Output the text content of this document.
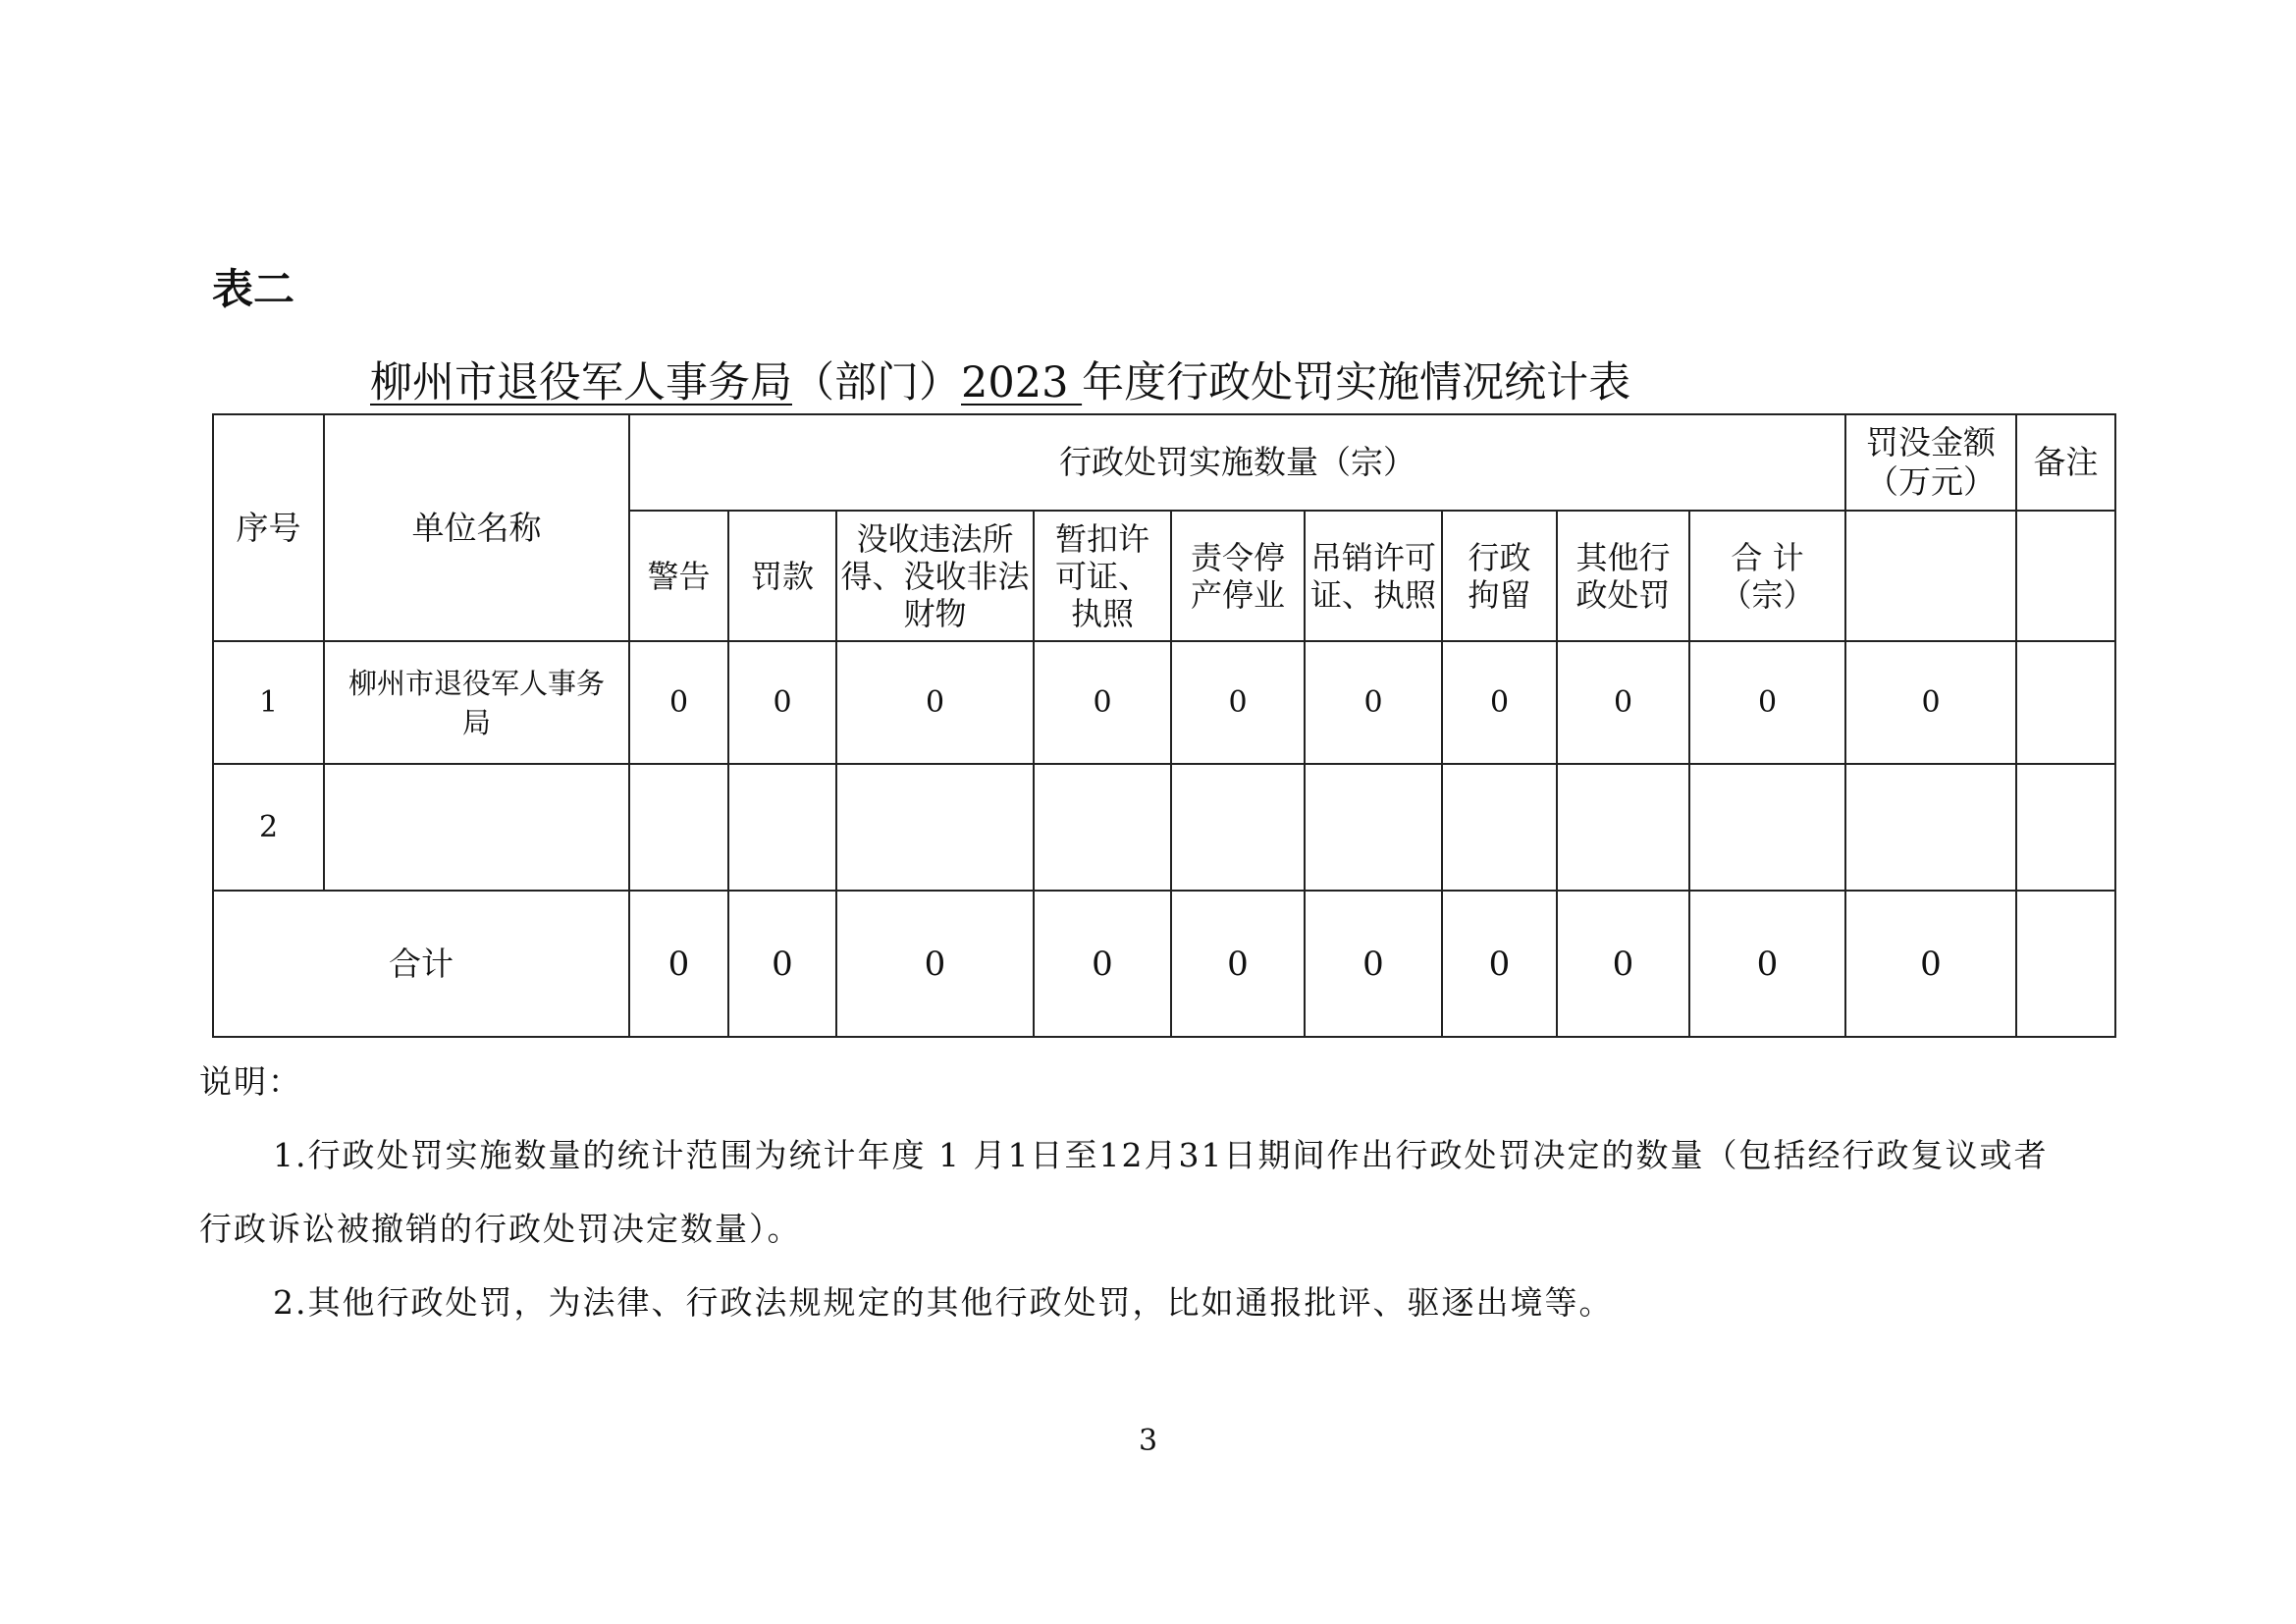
表二
柳州市退役军人事务局（部门）2023 年度行政处罚实施情况统计表
序号	单位名称	行政处罚实施数量（宗）									罚没金额（万元）	备注
		警告	罚款	没收违法所得、没收非法财物	暂扣许可证、执照	责令停产停业	吊销许可证、执照	行政拘留	其他行政处罚	合 计（宗）		
1	柳州市退役军人事务局	0	0	0	0	0	0	0	0	0	0	
2												
合计		0	0	0	0	0	0	0	0	0	0	
说明：
1.行政处罚实施数量的统计范围为统计年度 1 月1日至12月31日期间作出行政处罚决定的数量（包括经行政复议或者
行政诉讼被撤销的行政处罚决定数量）。
2.其他行政处罚，为法律、行政法规规定的其他行政处罚，比如通报批评、驱逐出境等。
3
